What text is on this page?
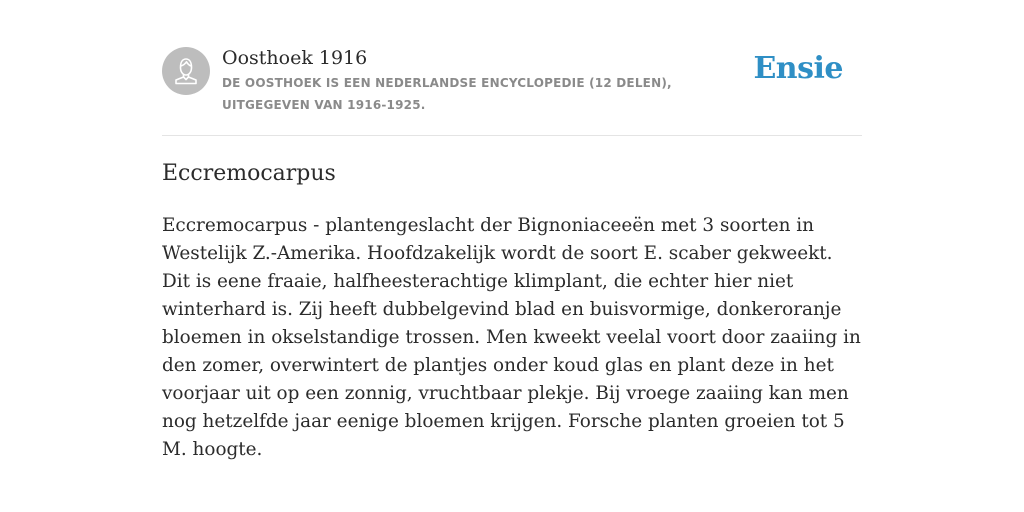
Oosthoek 1916
DE OOSTHOEK IS EEN NEDERLANDSE ENCYCLOPEDIE (12 DELEN), UITGEGEVEN VAN 1916-1925.
Ensie
Eccremocarpus
Eccremocarpus - plantengeslacht der Bignoniaceeën met 3 soorten in Westelijk Z.-Amerika. Hoofdzakelijk wordt de soort E. scaber gekweekt. Dit is eene fraaie, halfheesterachtige klimplant, die echter hier niet winterhard is. Zij heeft dubbelgevind blad en buisvormige, donkeroranje bloemen in okselstandige trossen. Men kweekt veelal voort door zaaiing in den zomer, overwintert de plantjes onder koud glas en plant deze in het voorjaar uit op een zonnig, vruchtbaar plekje. Bij vroege zaaiing kan men nog hetzelfde jaar eenige bloemen krijgen. Forsche planten groeien tot 5 M. hoogte.
